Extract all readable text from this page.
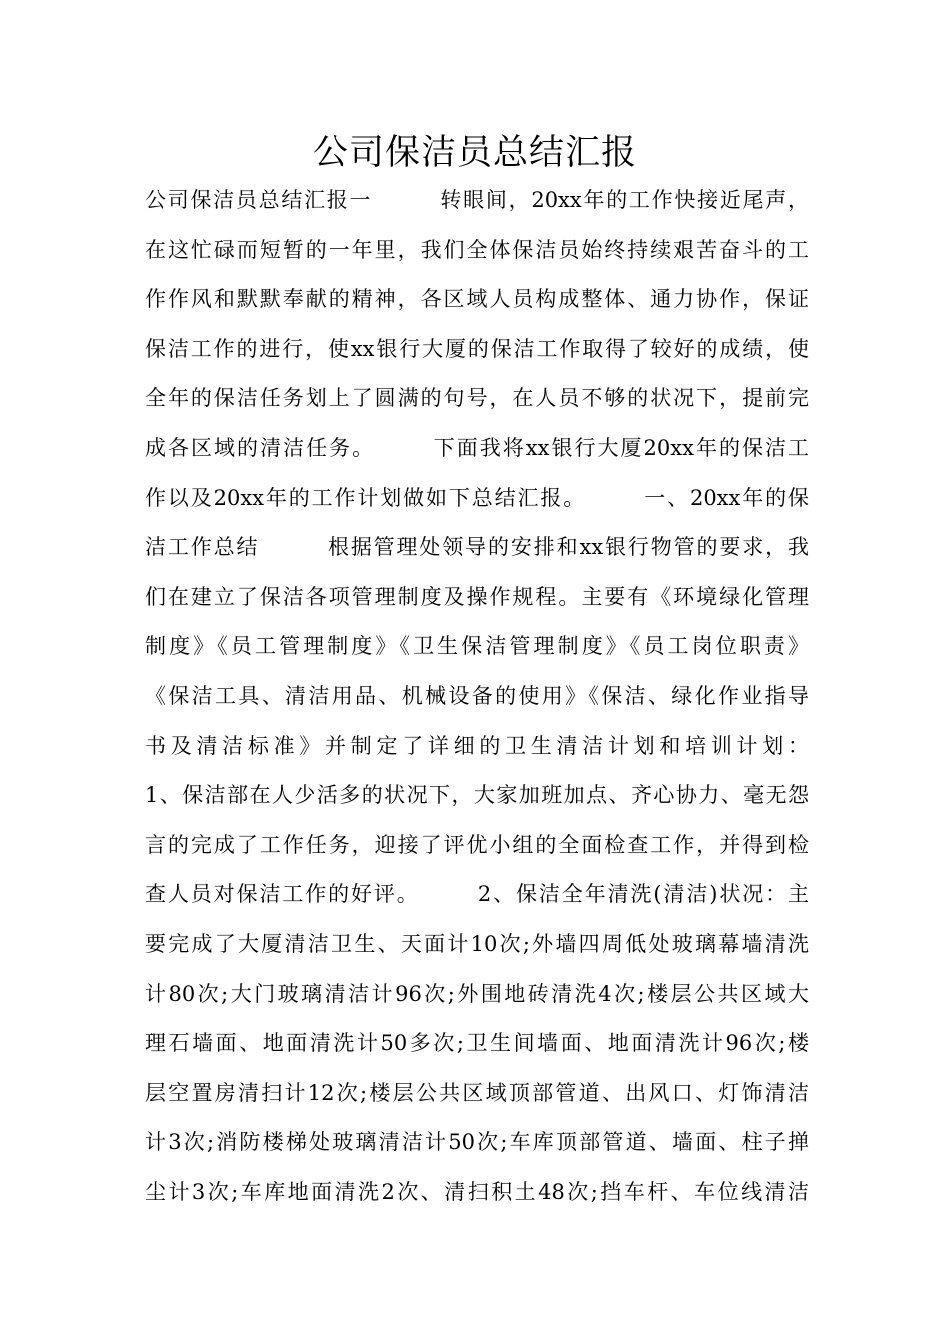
公司保洁员总结汇报
公司保洁员总结汇报一　　　转眼间，20xx年的工作快接近尾声，
在这忙碌而短暂的一年里，我们全体保洁员始终持续艰苦奋斗的工
作作风和默默奉献的精神，各区域人员构成整体、通力协作，保证
保洁工作的进行，使xx银行大厦的保洁工作取得了较好的成绩，使
全年的保洁任务划上了圆满的句号，在人员不够的状况下，提前完
成各区域的清洁任务。　　　下面我将xx银行大厦20xx年的保洁工
作以及20xx年的工作计划做如下总结汇报。　　　一、20xx年的保
洁工作总结　　　根据管理处领导的安排和xx银行物管的要求，我
们在建立了保洁各项管理制度及操作规程。主要有《环境绿化管理
制度》《员工管理制度》《卫生保洁管理制度》《员工岗位职责》
《保洁工具、清洁用品、机械设备的使用》《保洁、绿化作业指导
书及清洁标准》并制定了详细的卫生清洁计划和培训计划：
1、保洁部在人少活多的状况下，大家加班加点、齐心协力、毫无怨
言的完成了工作任务，迎接了评优小组的全面检查工作，并得到检
查人员对保洁工作的好评。　　　2、保洁全年清洗(清洁)状况：主
要完成了大厦清洁卫生、天面计10次;外墙四周低处玻璃幕墙清洗
计80次;大门玻璃清洁计96次;外围地砖清洗4次;楼层公共区域大
理石墙面、地面清洗计50多次;卫生间墙面、地面清洗计96次;楼
层空置房清扫计12次;楼层公共区域顶部管道、出风口、灯饰清洁
计3次;消防楼梯处玻璃清洁计50次;车库顶部管道、墙面、柱子掸
尘计3次;车库地面清洗2次、清扫积土48次;挡车杆、车位线清洁
